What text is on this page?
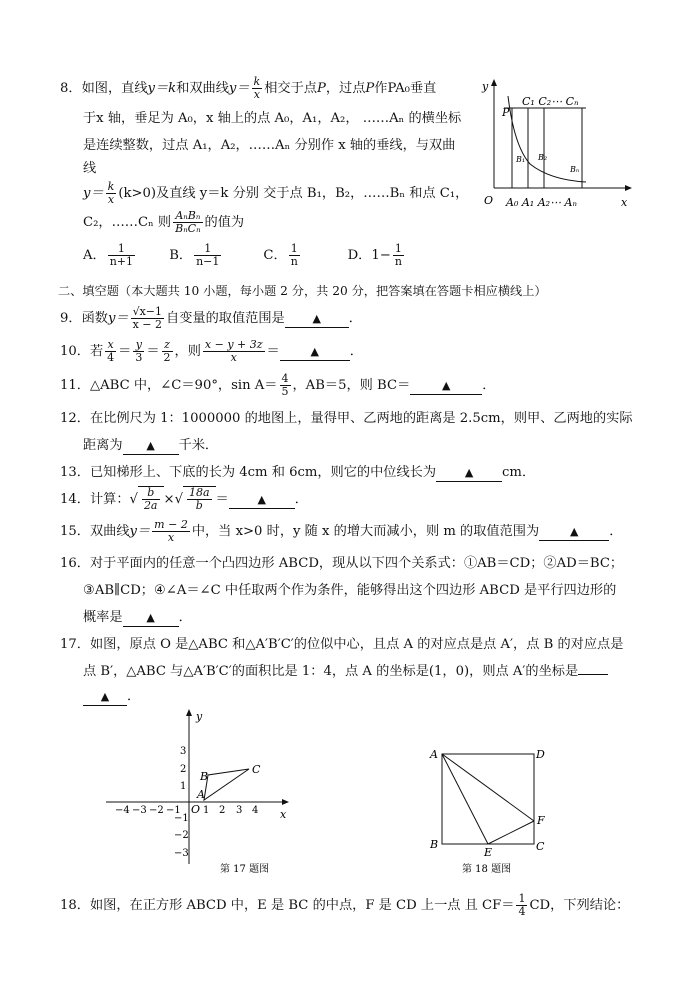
8．如图，直线y＝k和双曲线$y= \frac{k}{x}$ 相交于点P，过点P作PA₀垂直
于x 轴，垂足为 A₀，x 轴上的点 A₀，A₁，A₂， ……Aₙ 的横坐标
是连续整数，过点 A₁，A₂，……Aₙ 分别作 x 轴的垂线，与双曲
线
$y= \frac{k}{x} (k>0)$及直线 y＝k 分别 交于点 B₁，B₂，……Bₙ 和点 C₁，
C₂，……Cₙ 则 $\frac{\text{AₙBₙ}}{\text{BₙCₙ}}$ 的值为
A． $\frac{1}{n+1}$	B． $\frac{1}{n-1}$	C． $\frac{1}{n}$	D．$1- \frac{1}{n}$
y
P
C₁ C₂⋯ Cₙ
B₁ B₂
Bₙ
O A₀ A₁ A₂⋯ Aₙ	x
二、填空题（本大题共 10 小题，每小题 2 分，共 20 分，把答案填在答题卡相应横线上）
9．函数$y= \frac{√x-1}{x - 2}$ 自变量的取值范围是	▲ ．
10．若 $\frac{x}{4} = \frac{y}{3} = \frac{z}{2}$ ，则 $\frac{x - y + 3z}{x}$ ＝	▲ ．
11．△ABC 中，∠C＝90°，$\sin A= \frac{4}{5}$ ，AB＝5，则 BC＝	▲ ．
12．在比例尺为 1：1000000 的地图上，量得甲、乙两地的距离是 2.5cm，则甲、乙两地的实际
距离为 ▲ 千米．
13．已知梯形上、下底的长为 4cm 和 6cm，则它的中位线长为	▲ cm．
14．计算：√ $\frac{b}{2a}$ ×√ $\frac{18a}{b}$ ＝	▲ ．
15．双曲线$y= \frac{m - 2}{x}$ 中，当 x>0 时，y 随 x 的增大而减小，则 m 的取值范围为	▲ ．
16．对于平面内的任意一个凸四边形 ABCD，现从以下四个关系式：①AB＝CD；②AD＝BC；
③AB∥CD；④∠A＝∠C 中任取两个作为条件，能够得出这个四边形 ABCD 是平行四边形的
概率是 ▲ ．
17．如图，原点 O 是△ABC 和△A′B′C′的位似中心，且点 A 的对应点是点 A′，点 B 的对应点是
点 B′，△ABC 与△A′B′C′的面积比是 1：4，点 A 的坐标是(1，0)，则点 A′的坐标是
▲ ．
y
x
O
−4 −3 −2 −1 1 2 3 4
3
2
1
−1
−2
−3
A
B
C
第 17 题图
A	D
B	C
E
F
第 18 题图
18．如图，在正方形 ABCD 中，E 是 BC 的中点，F 是 CD 上一点 且 $CF= \frac{1}{4}$ CD，下列结论：
